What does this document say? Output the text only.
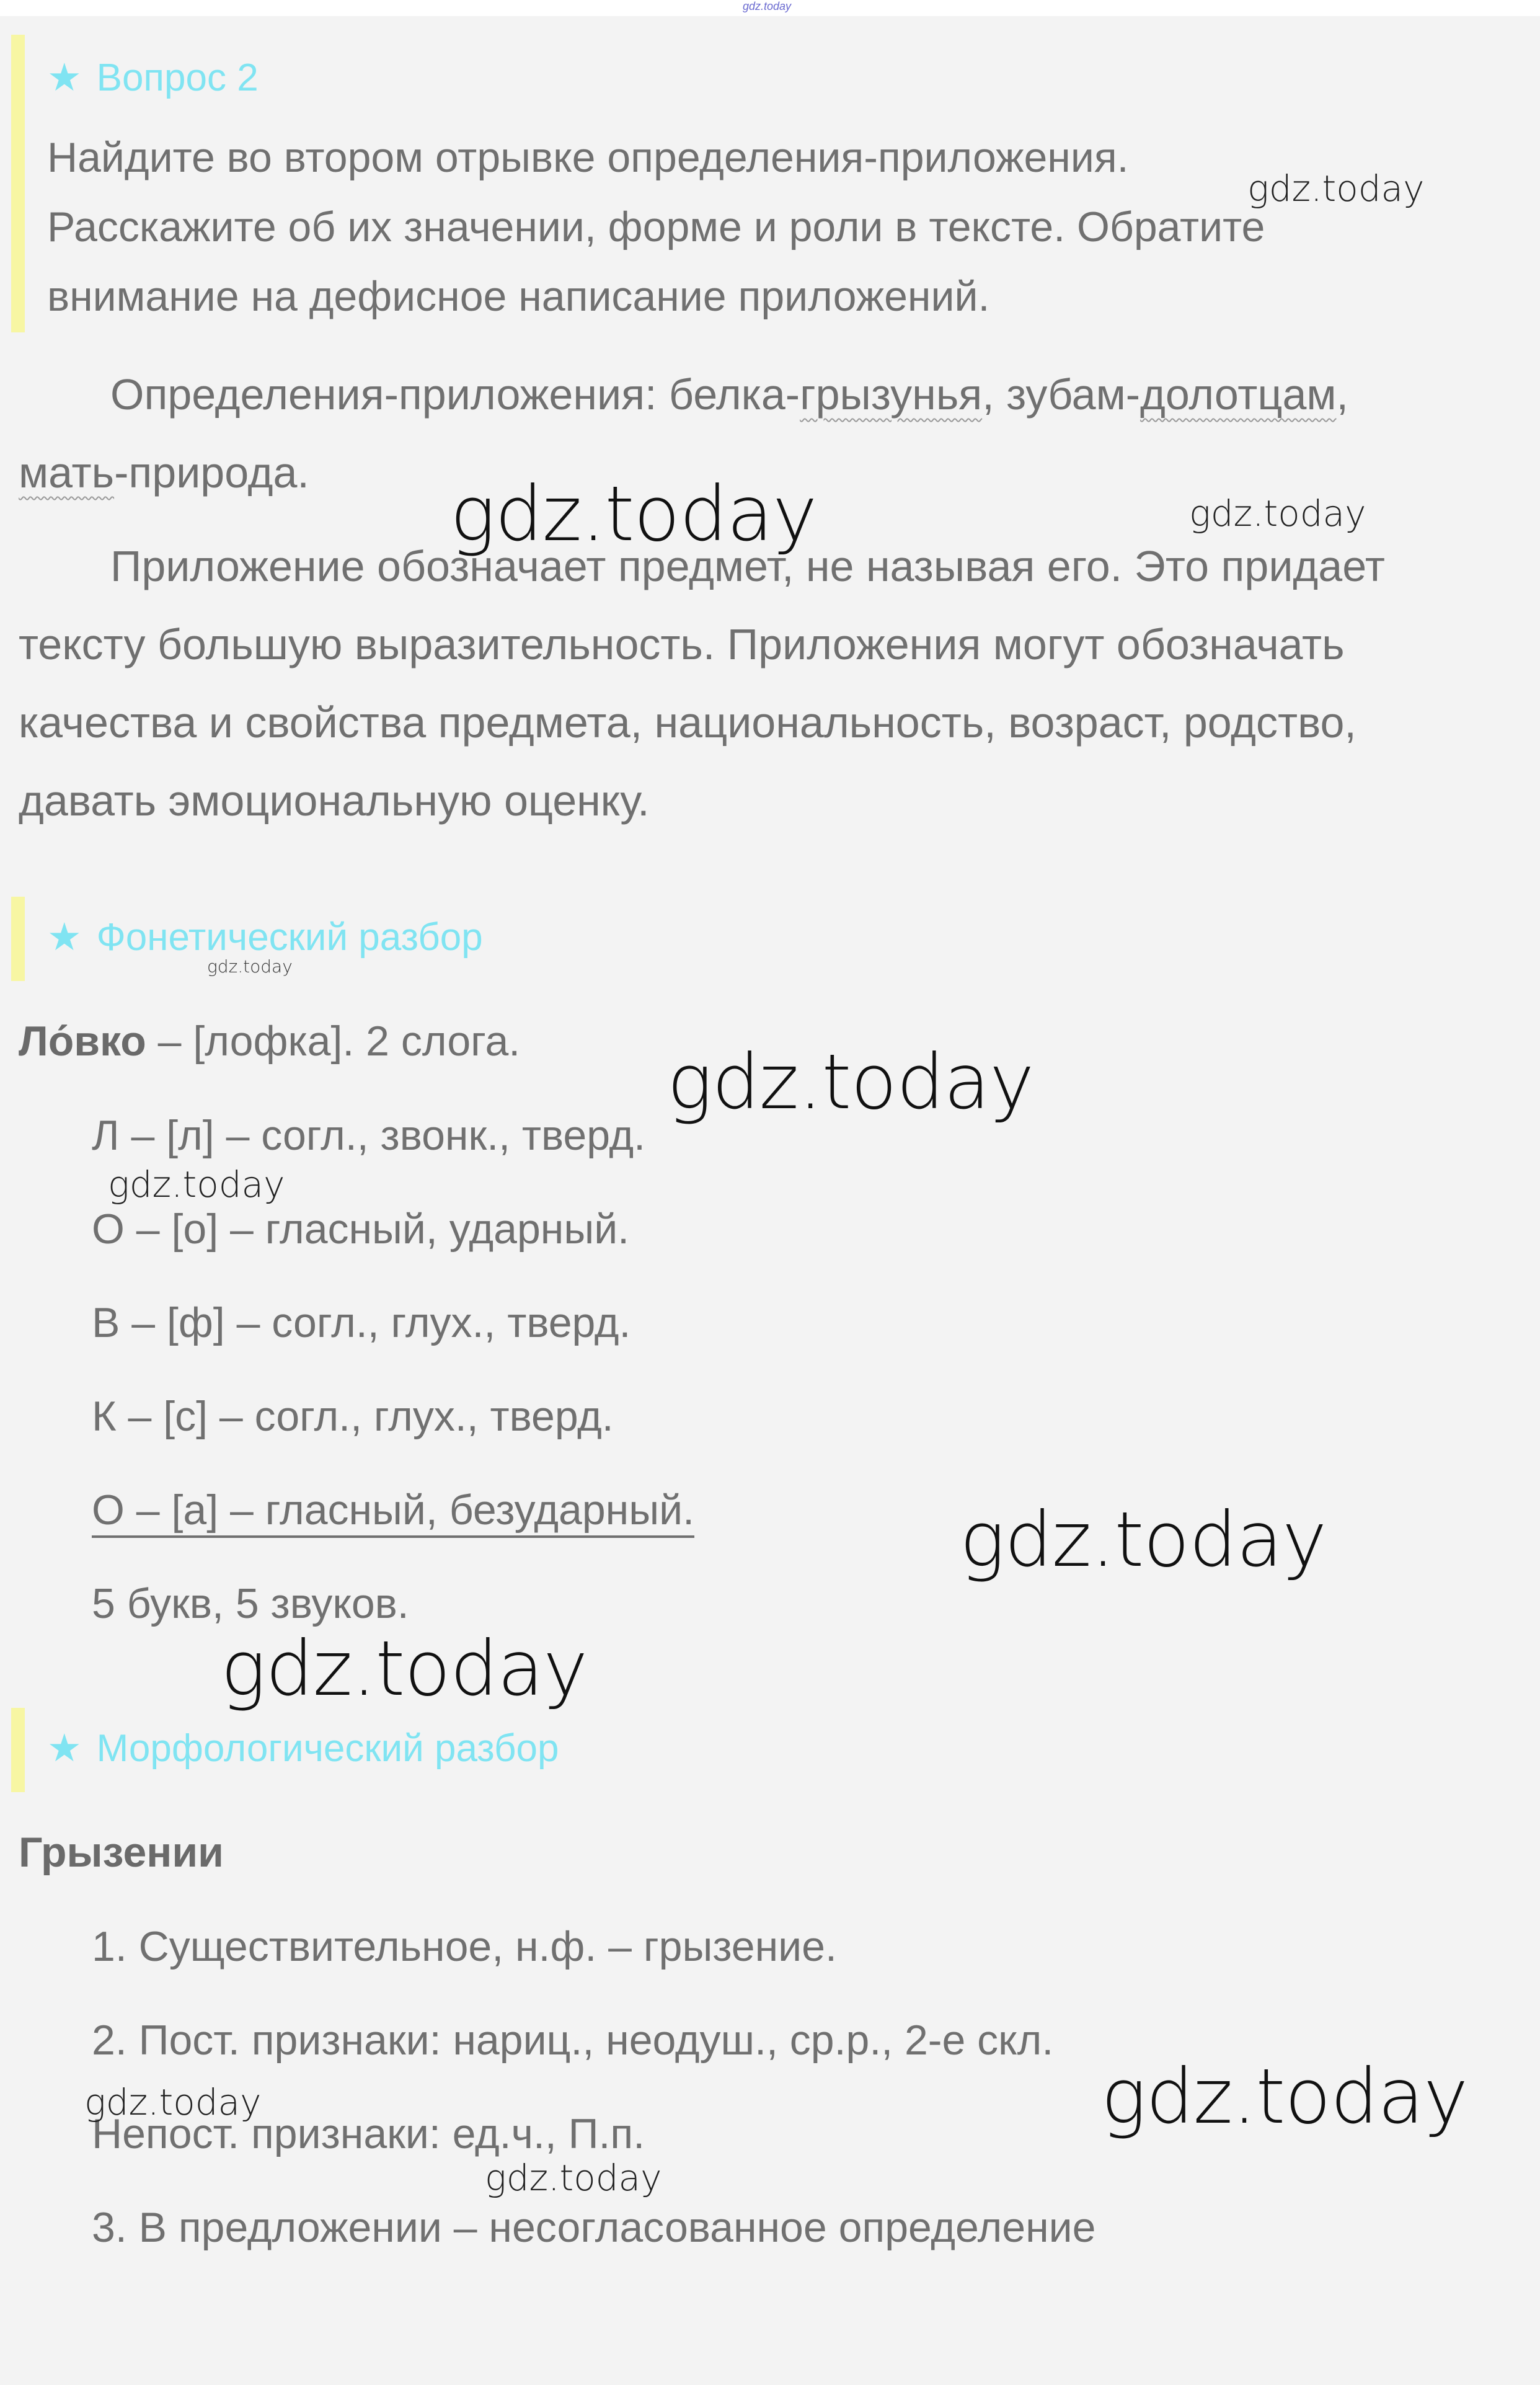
gdz.today
★ Вопрос 2
Найдите во втором отрывке определения-приложения.
Расскажите об их значении, форме и роли в тексте. Обратите
внимание на дефисное написание приложений.
Определения-приложения: белка-грызунья, зубам-долотцам,
мать-природа.
Приложение обозначает предмет, не называя его. Это придает
тексту большую выразительность. Приложения могут обозначать
качества и свойства предмета, национальность, возраст, родство,
давать эмоциональную оценку.
★ Фонетический разбор
Ло́вко – [лофка]. 2 слога.
Л – [л] – согл., звонк., тверд.
О – [о] – гласный, ударный.
В – [ф] – согл., глух., тверд.
К – [с] – согл., глух., тверд.
О – [а] – гласный, безударный.
5 букв, 5 звуков.
★ Морфологический разбор
Грызении
1. Существительное, н.ф. – грызение.
2. Пост. признаки: нариц., неодуш., ср.р., 2-е скл.
Непост. признаки: ед.ч., П.п.
3. В предложении – несогласованное определение
gdz.today
gdz.today	gdz.today
gdz.today
gdz.today
gdz.today
gdz.today
gdz.today
gdz.today	gdz.today
gdz.today
